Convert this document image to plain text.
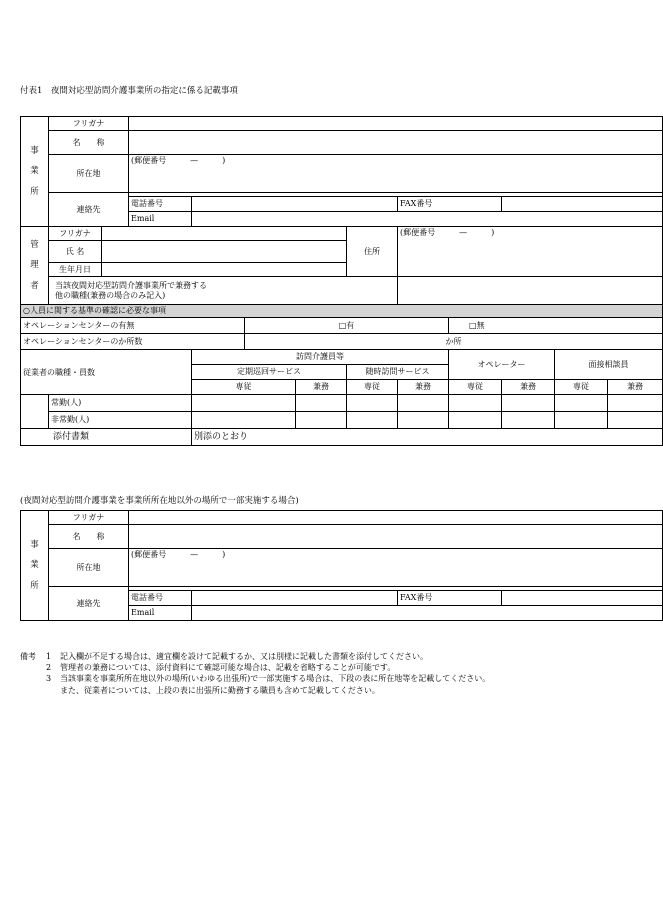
付表1　夜間対応型訪問介護事業所の指定に係る記載事項
事
業
所	フリガナ											
	名　　称											
	所在地		(郵便番号　　　—　　　)									
	連絡先											
			電話番号					FAX番号				
			Email									
管
理
者	フリガナ						住所	(郵便番号　　　—　　　)				
	氏 名											
	生年月日											

	当該夜間対応型訪問介護事業所で兼務する
他の職種(兼務の場合のみ記入)											

○人員に関する基準の確認に必要な事項												
オペレーションセンターの有無					□有				□無			
オペレーションセンターのか所数					か所							
従業者の職種・員数				訪問介護員等					オペレーター		面接相談員	
				定期巡回サービス			随時訪問サービス					
				専従		兼務	専従	兼務	専従	兼務	専従	兼務
	常勤(人)											
	非常勤(人)											
添付書類				別添のとおり								
(夜間対応型訪問介護事業を事業所所在地以外の場所で一部実施する場合)
事
業
所	フリガナ				
	名　　称				
	所在地	(郵便番号　　　—　　　)			
	連絡先				
		電話番号		FAX番号	
		Email			
備考	1	記入欄が不足する場合は、適宜欄を設けて記載するか、又は別様に記載した書類を添付してください。
2	管理者の兼務については、添付資料にて確認可能な場合は、記載を省略することが可能です。
3	当該事業を事業所所在地以外の場所(いわゆる出張所)で一部実施する場合は、下段の表に所在地等を記載してください。
また、従業者については、上段の表に出張所に勤務する職員も含めて記載してください。
